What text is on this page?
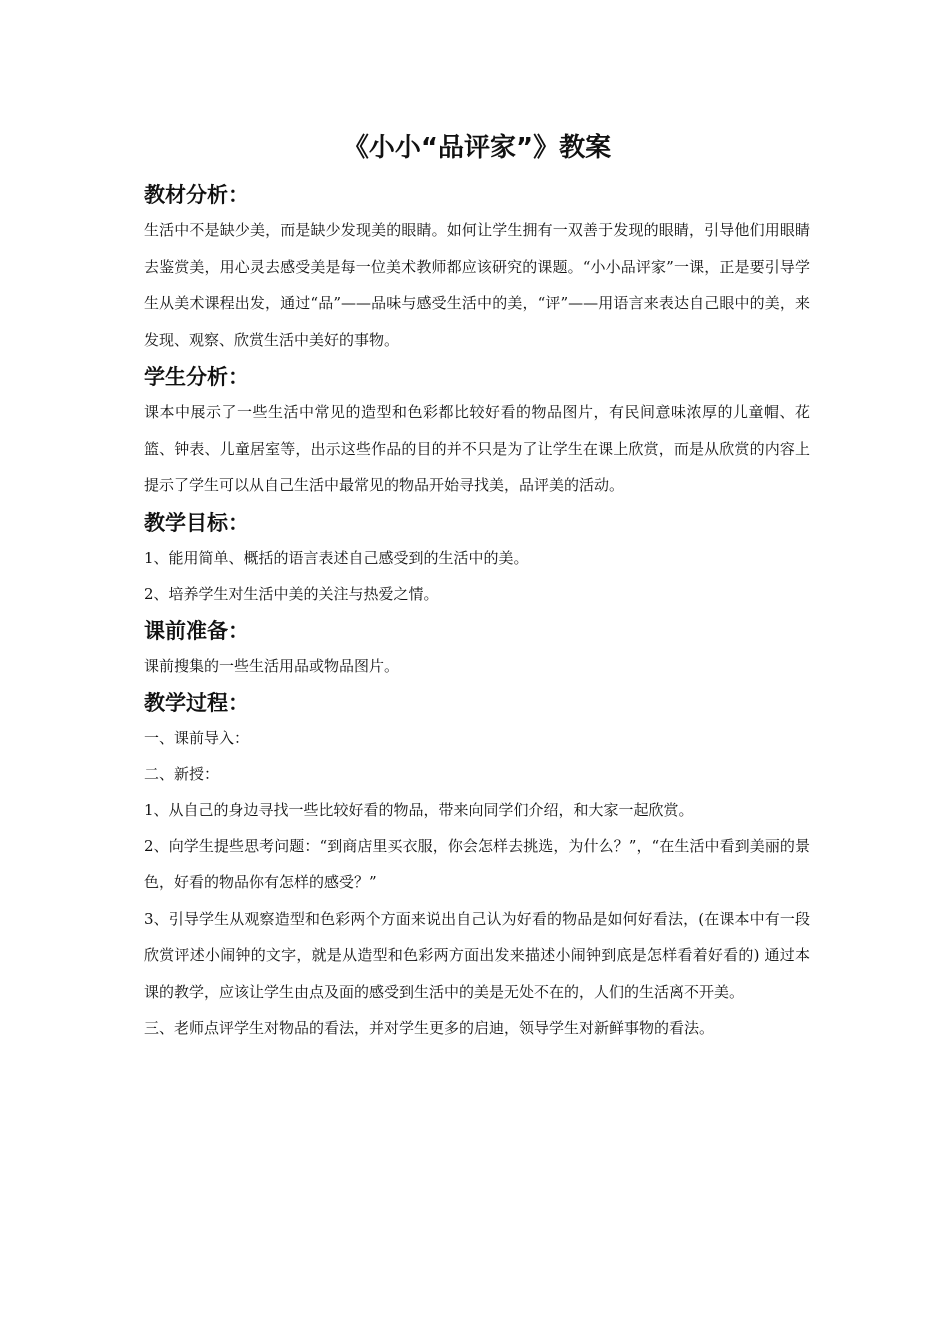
《小小“品评家”》教案
教材分析：

生活中不是缺少美，而是缺少发现美的眼睛。如何让学生拥有一双善于发现的眼睛，引导他们用眼睛去鉴赏美，用心灵去感受美是每一位美术教师都应该研究的课题。“小小品评家”一课，正是要引导学生从美术课程出发，通过“品”——品味与感受生活中的美，“评”——用语言来表达自己眼中的美，来发现、观察、欣赏生活中美好的事物。

学生分析：

课本中展示了一些生活中常见的造型和色彩都比较好看的物品图片，有民间意味浓厚的儿童帽、花篮、钟表、儿童居室等，出示这些作品的目的并不只是为了让学生在课上欣赏，而是从欣赏的内容上提示了学生可以从自己生活中最常见的物品开始寻找美，品评美的活动。

教学目标：

1、能用简单、概括的语言表述自己感受到的生活中的美。

2、培养学生对生活中美的关注与热爱之情。

课前准备：

课前搜集的一些生活用品或物品图片。

教学过程：

一、课前导入：

二、新授：

1、从自己的身边寻找一些比较好看的物品，带来向同学们介绍，和大家一起欣赏。

2、向学生提些思考问题：“到商店里买衣服，你会怎样去挑选，为什么？”，“在生活中看到美丽的景色，好看的物品你有怎样的感受？”

3、引导学生从观察造型和色彩两个方面来说出自己认为好看的物品是如何好看法，(在课本中有一段欣赏评述小闹钟的文字，就是从造型和色彩两方面出发来描述小闹钟到底是怎样看着好看的) 通过本课的教学，应该让学生由点及面的感受到生活中的美是无处不在的，人们的生活离不开美。

三、老师点评学生对物品的看法，并对学生更多的启迪，领导学生对新鲜事物的看法。
